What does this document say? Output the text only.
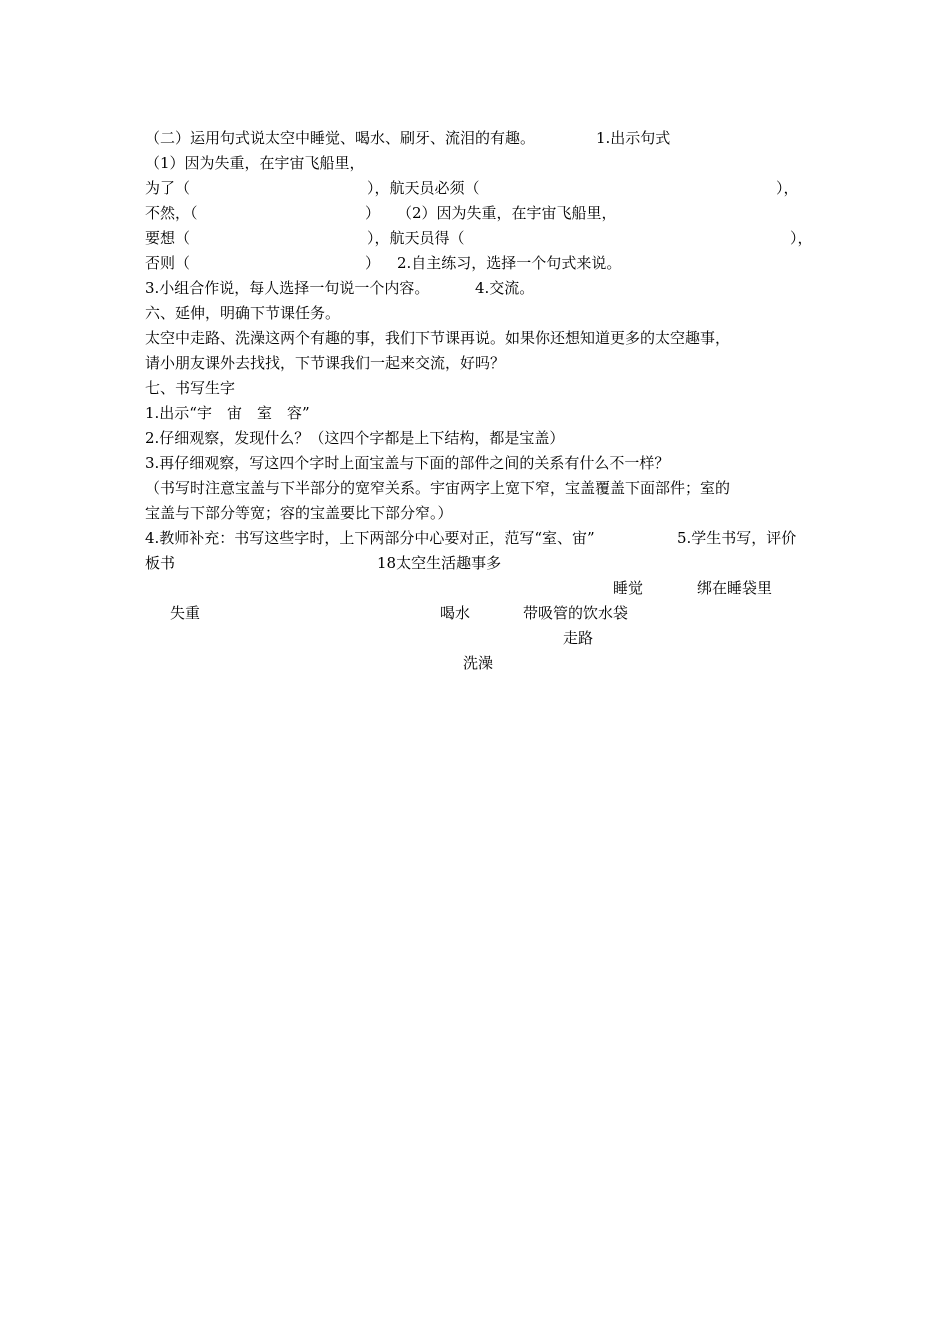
（二）运用句式说太空中睡觉、喝水、刷牙、流泪的有趣。	1.出示句式
（1）因为失重，在宇宙飞船里，
为了（	），航天员必须（	），
不然，（	） （2）因为失重，在宇宙飞船里，
要想（	），航天员得（	），
否则（	） 2.自主练习，选择一个句式来说。
3.小组合作说，每人选择一句说一个内容。	4.交流。
六、延伸，明确下节课任务。
太空中走路、洗澡这两个有趣的事，我们下节课再说。如果你还想知道更多的太空趣事，
请小朋友课外去找找，下节课我们一起来交流，好吗？
七、书写生字
1.出示“宇　宙　室　容”
2.仔细观察，发现什么？（这四个字都是上下结构，都是宝盖）
3.再仔细观察，写这四个字时上面宝盖与下面的部件之间的关系有什么不一样？
（书写时注意宝盖与下半部分的宽窄关系。宇宙两字上宽下窄，宝盖覆盖下面部件；室的
宝盖与下部分等宽；容的宝盖要比下部分窄。）
4.教师补充：书写这些字时，上下两部分中心要对正，范写“室、宙”	5.学生书写，评价
板书	18太空生活趣事多
睡觉	绑在睡袋里
失重	喝水	带吸管的饮水袋
走路
洗澡
